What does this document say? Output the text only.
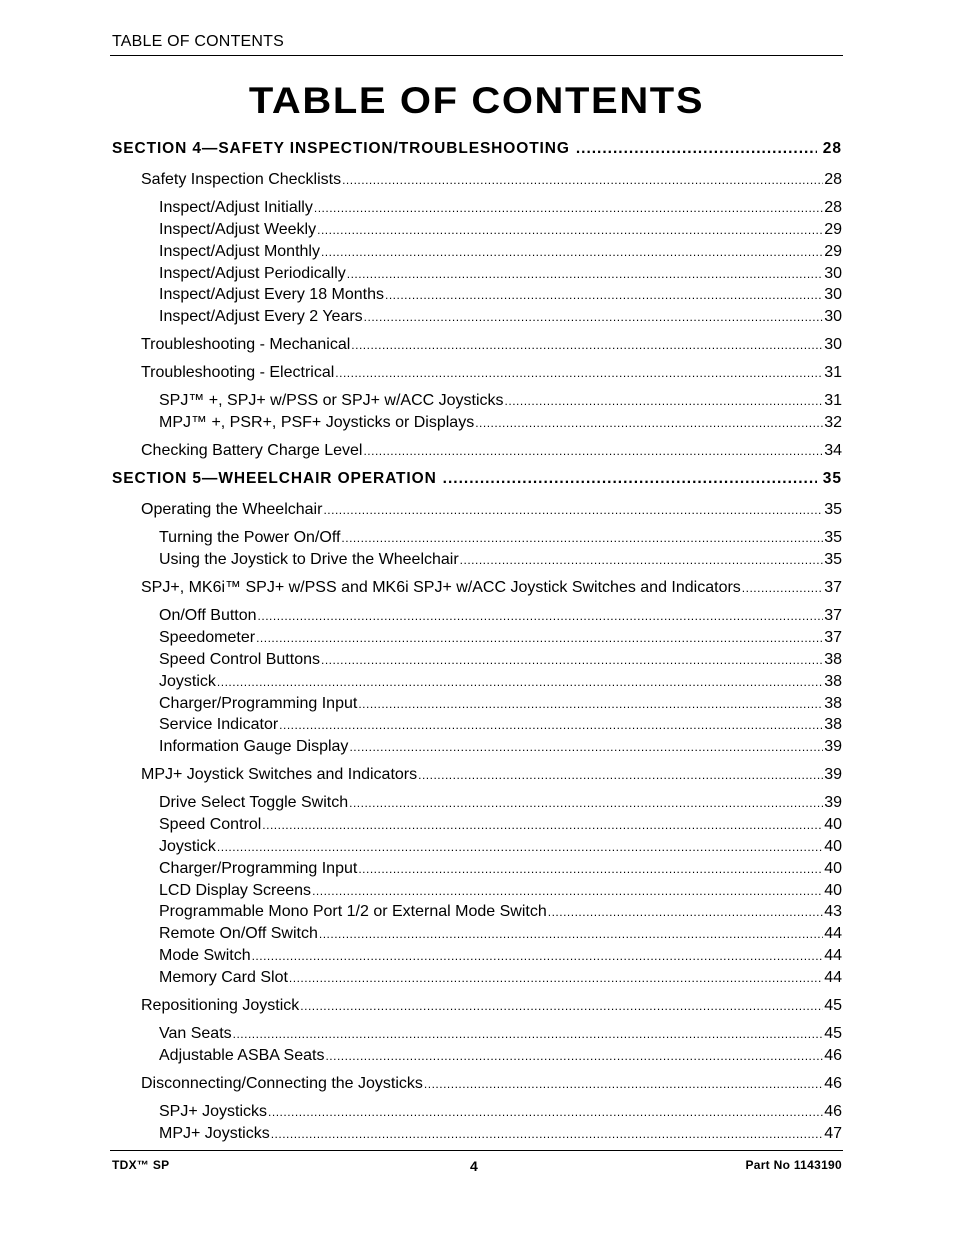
TABLE OF CONTENTS
TABLE OF CONTENTS
SECTION 4—SAFETY INSPECTION/TROUBLESHOOTING .....	28
Safety Inspection Checklists .....	28
Inspect/Adjust Initially .....	28
Inspect/Adjust Weekly .....	29
Inspect/Adjust Monthly .....	29
Inspect/Adjust Periodically .....	30
Inspect/Adjust Every 18 Months .....	30
Inspect/Adjust Every 2 Years .....	30
Troubleshooting - Mechanical .....	30
Troubleshooting - Electrical .....	31
SPJ™ +, SPJ+ w/PSS or SPJ+ w/ACC Joysticks .....	31
MPJ™ +, PSR+, PSF+ Joysticks or Displays .....	32
Checking Battery Charge Level .....	34
SECTION 5—WHEELCHAIR OPERATION .....	35
Operating the Wheelchair .....	35
Turning the Power On/Off .....	35
Using the Joystick to Drive the Wheelchair .....	35
SPJ+, MK6i™ SPJ+ w/PSS and MK6i SPJ+ w/ACC Joystick Switches and Indicators .....	37
On/Off Button .....	37
Speedometer .....	37
Speed Control Buttons .....	38
Joystick .....	38
Charger/Programming Input .....	38
Service Indicator .....	38
Information Gauge Display .....	39
MPJ+ Joystick Switches and Indicators .....	39
Drive Select Toggle Switch .....	39
Speed Control .....	40
Joystick .....	40
Charger/Programming Input .....	40
LCD Display Screens .....	40
Programmable Mono Port 1/2 or External Mode Switch .....	43
Remote On/Off Switch .....	44
Mode Switch .....	44
Memory Card Slot .....	44
Repositioning Joystick .....	45
Van Seats .....	45
Adjustable ASBA Seats .....	46
Disconnecting/Connecting the Joysticks .....	46
SPJ+ Joysticks .....	46
MPJ+ Joysticks .....	47
TDX™ SP	4	Part No 1143190
